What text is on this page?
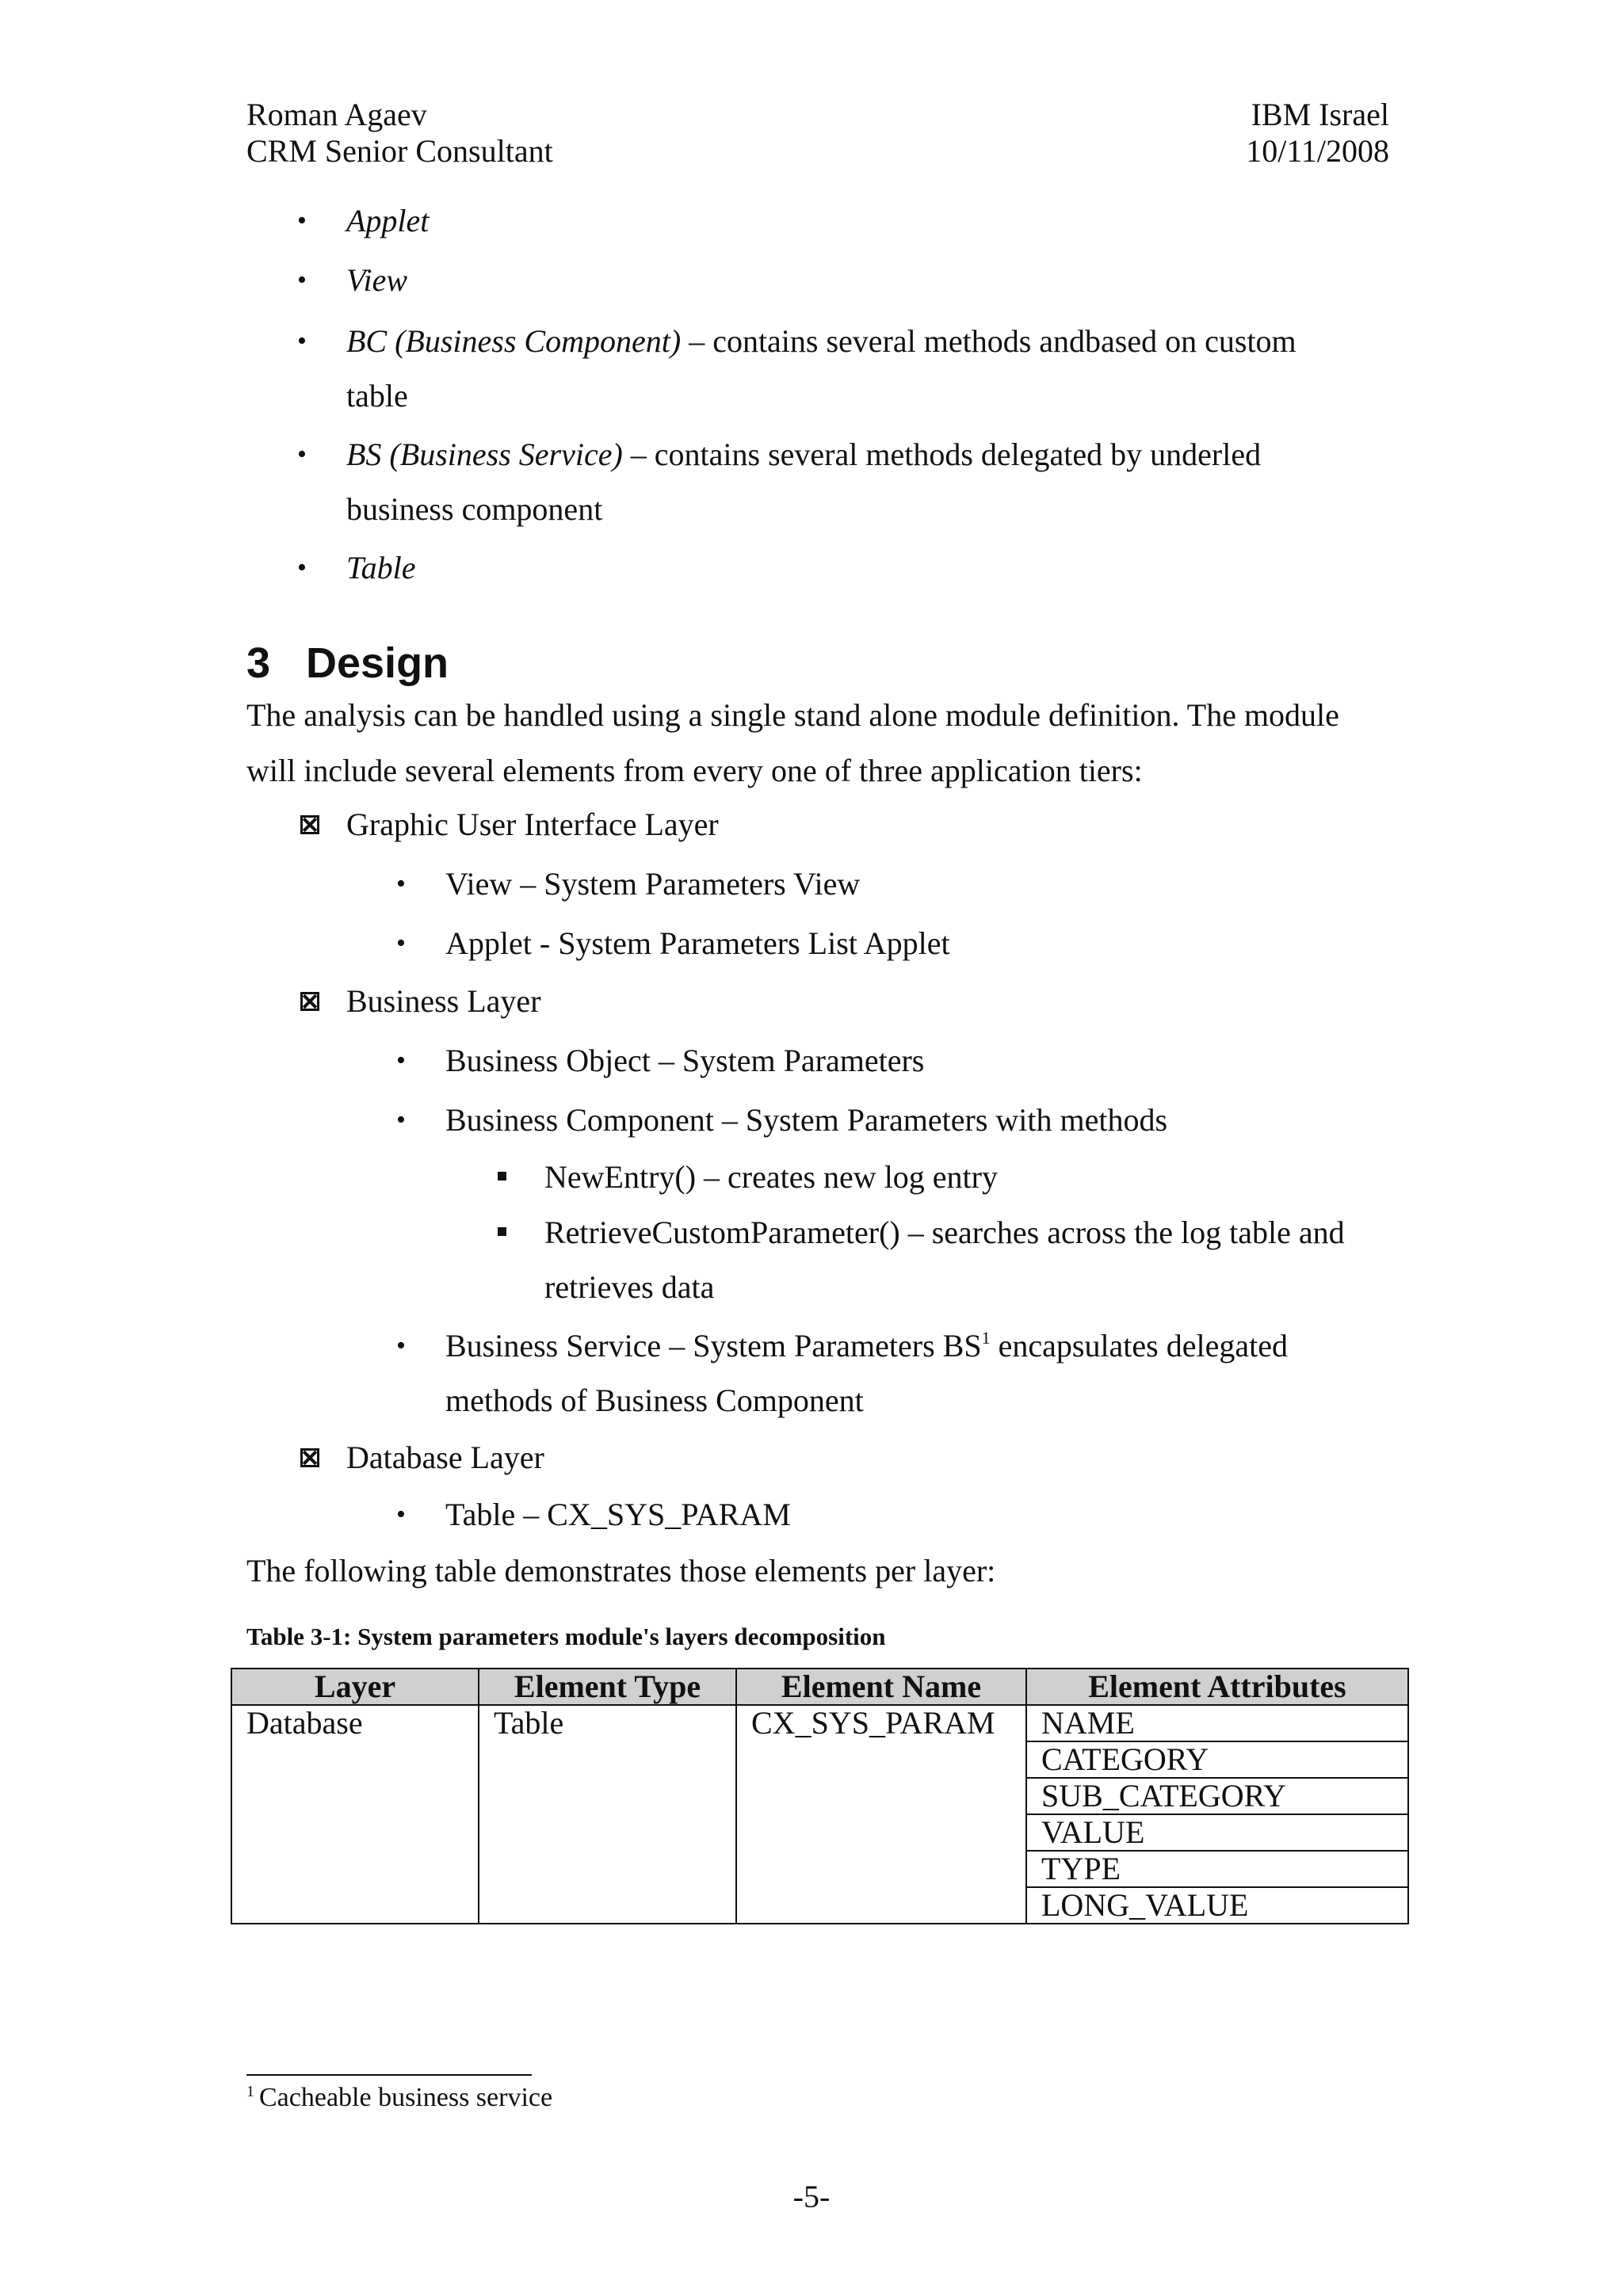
Roman Agaev
CRM Senior Consultant
IBM Israel
10/11/2008
• Applet
• View
• BC (Business Component) – contains several methods andbased on custom
table
• BS (Business Service) – contains several methods delegated by underled
business component
• Table
3 Design
The analysis can be handled using a single stand alone module definition. The module
will include several elements from every one of three application tiers:
Graphic User Interface Layer
• View – System Parameters View
• Applet - System Parameters List Applet
Business Layer
• Business Object – System Parameters
• Business Component – System Parameters with methods
NewEntry() – creates new log entry
RetrieveCustomParameter() – searches across the log table and
retrieves data
• Business Service – System Parameters $BS^1$ encapsulates delegated
methods of Business Component
Database Layer
• Table – CX_SYS_PARAM
The following table demonstrates those elements per layer:
Table 3-1: System parameters module's layers decomposition
Layer	Element Type	Element Name	Element Attributes
Database	Table	CX_SYS_PARAM	NAME
			CATEGORY
			SUB_CATEGORY
			VALUE
			TYPE
			LONG_VALUE
$^1$ Cacheable business service
-5-
